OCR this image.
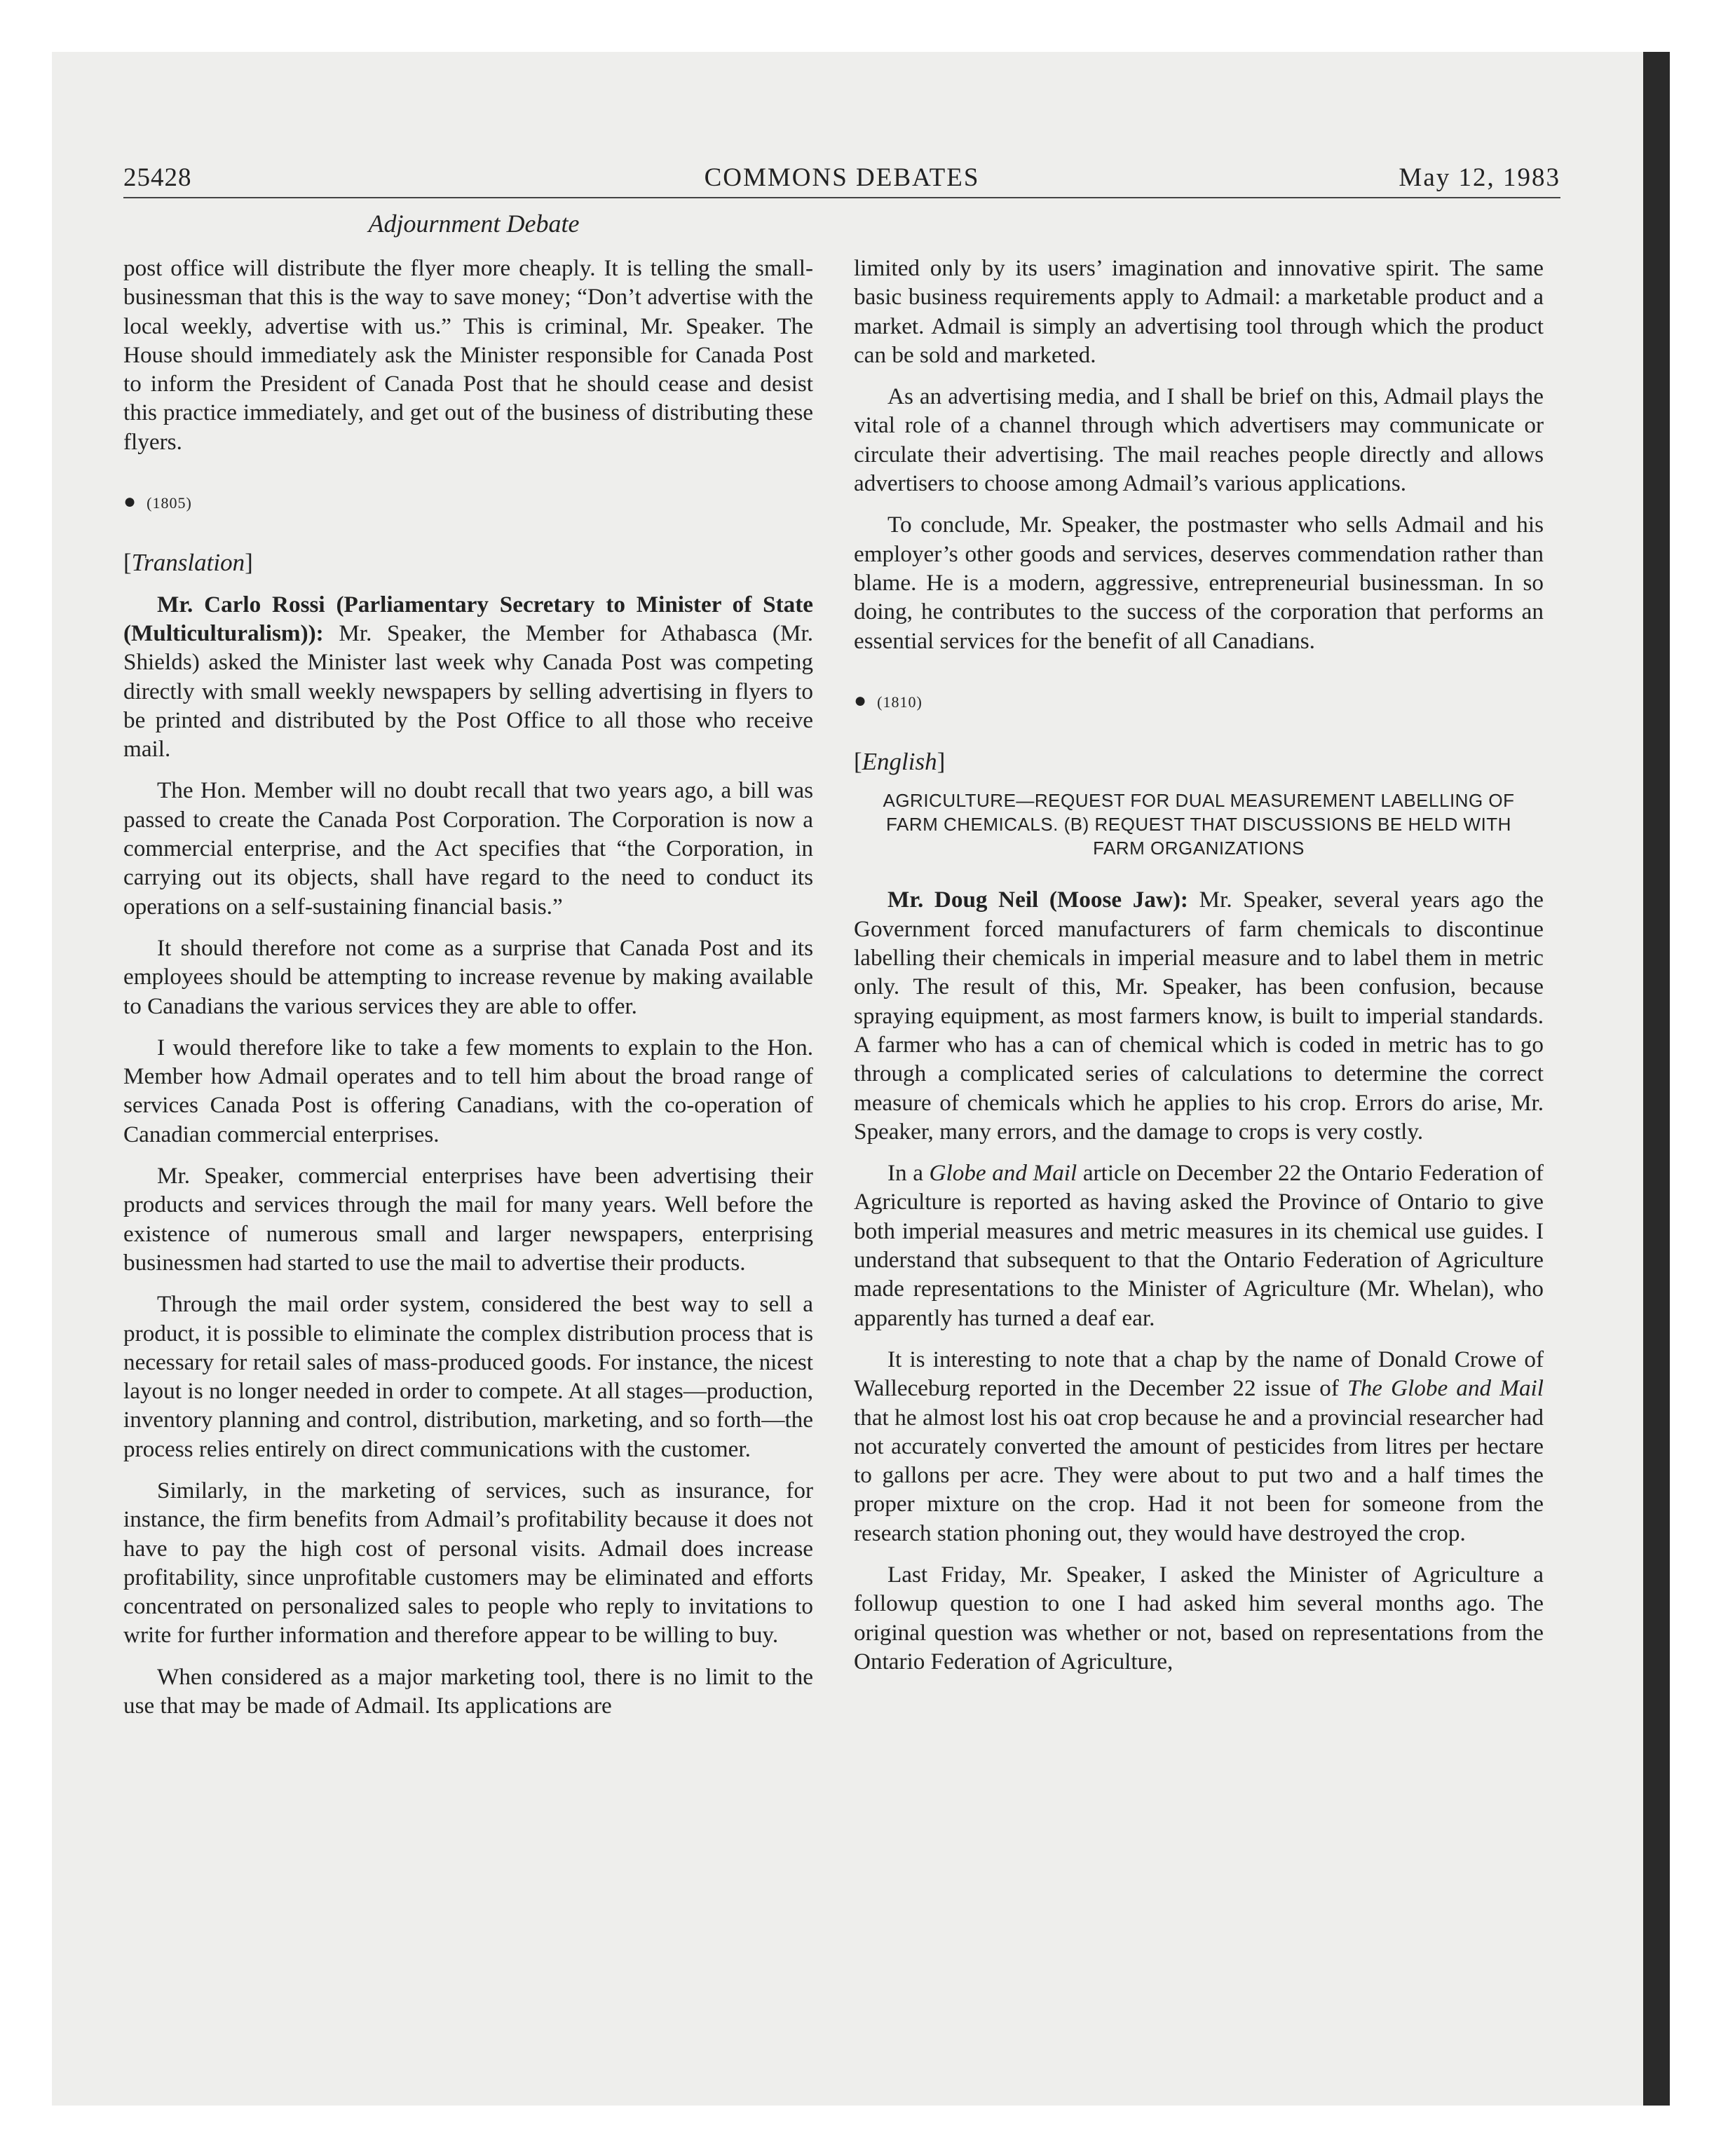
25428	COMMONS DEBATES	May 12, 1983
Adjournment Debate

post office will distribute the flyer more cheaply. It is telling the small-businessman that this is the way to save money; “Don’t advertise with the local weekly, advertise with us.” This is criminal, Mr. Speaker. The House should immediately ask the Minister responsible for Canada Post to inform the President of Canada Post that he should cease and desist this practice immediately, and get out of the business of distributing these flyers.

● (1805)

[Translation]

Mr. Carlo Rossi (Parliamentary Secretary to Minister of State (Multiculturalism)): Mr. Speaker, the Member for Athabasca (Mr. Shields) asked the Minister last week why Canada Post was competing directly with small weekly newspapers by selling advertising in flyers to be printed and distributed by the Post Office to all those who receive mail.

The Hon. Member will no doubt recall that two years ago, a bill was passed to create the Canada Post Corporation. The Corporation is now a commercial enterprise, and the Act specifies that “the Corporation, in carrying out its objects, shall have regard to the need to conduct its operations on a self-sustaining financial basis.”

It should therefore not come as a surprise that Canada Post and its employees should be attempting to increase revenue by making available to Canadians the various services they are able to offer.

I would therefore like to take a few moments to explain to the Hon. Member how Admail operates and to tell him about the broad range of services Canada Post is offering Canadians, with the co-operation of Canadian commercial enterprises.

Mr. Speaker, commercial enterprises have been advertising their products and services through the mail for many years. Well before the existence of numerous small and larger newspapers, enterprising businessmen had started to use the mail to advertise their products.

Through the mail order system, considered the best way to sell a product, it is possible to eliminate the complex distribution process that is necessary for retail sales of mass-produced goods. For instance, the nicest layout is no longer needed in order to compete. At all stages—production, inventory planning and control, distribution, marketing, and so forth—the process relies entirely on direct communications with the customer.

Similarly, in the marketing of services, such as insurance, for instance, the firm benefits from Admail’s profitability because it does not have to pay the high cost of personal visits. Admail does increase profitability, since unprofitable customers may be eliminated and efforts concentrated on personalized sales to people who reply to invitations to write for further information and therefore appear to be willing to buy.

When considered as a major marketing tool, there is no limit to the use that may be made of Admail. Its applications are

limited only by its users’ imagination and innovative spirit. The same basic business requirements apply to Admail: a marketable product and a market. Admail is simply an advertising tool through which the product can be sold and marketed.

As an advertising media, and I shall be brief on this, Admail plays the vital role of a channel through which advertisers may communicate or circulate their advertising. The mail reaches people directly and allows advertisers to choose among Admail’s various applications.

To conclude, Mr. Speaker, the postmaster who sells Admail and his employer’s other goods and services, deserves commendation rather than blame. He is a modern, aggressive, entrepreneurial businessman. In so doing, he contributes to the success of the corporation that performs an essential services for the benefit of all Canadians.

● (1810)

[English]

AGRICULTURE—REQUEST FOR DUAL MEASUREMENT LABELLING OF FARM CHEMICALS. (B) REQUEST THAT DISCUSSIONS BE HELD WITH FARM ORGANIZATIONS

Mr. Doug Neil (Moose Jaw): Mr. Speaker, several years ago the Government forced manufacturers of farm chemicals to discontinue labelling their chemicals in imperial measure and to label them in metric only. The result of this, Mr. Speaker, has been confusion, because spraying equipment, as most farmers know, is built to imperial standards. A farmer who has a can of chemical which is coded in metric has to go through a complicated series of calculations to determine the correct measure of chemicals which he applies to his crop. Errors do arise, Mr. Speaker, many errors, and the damage to crops is very costly.

In a Globe and Mail article on December 22 the Ontario Federation of Agriculture is reported as having asked the Province of Ontario to give both imperial measures and metric measures in its chemical use guides. I understand that subsequent to that the Ontario Federation of Agriculture made representations to the Minister of Agriculture (Mr. Whelan), who apparently has turned a deaf ear.

It is interesting to note that a chap by the name of Donald Crowe of Walleceburg reported in the December 22 issue of The Globe and Mail that he almost lost his oat crop because he and a provincial researcher had not accurately converted the amount of pesticides from litres per hectare to gallons per acre. They were about to put two and a half times the proper mixture on the crop. Had it not been for someone from the research station phoning out, they would have destroyed the crop.

Last Friday, Mr. Speaker, I asked the Minister of Agriculture a followup question to one I had asked him several months ago. The original question was whether or not, based on representations from the Ontario Federation of Agriculture,
